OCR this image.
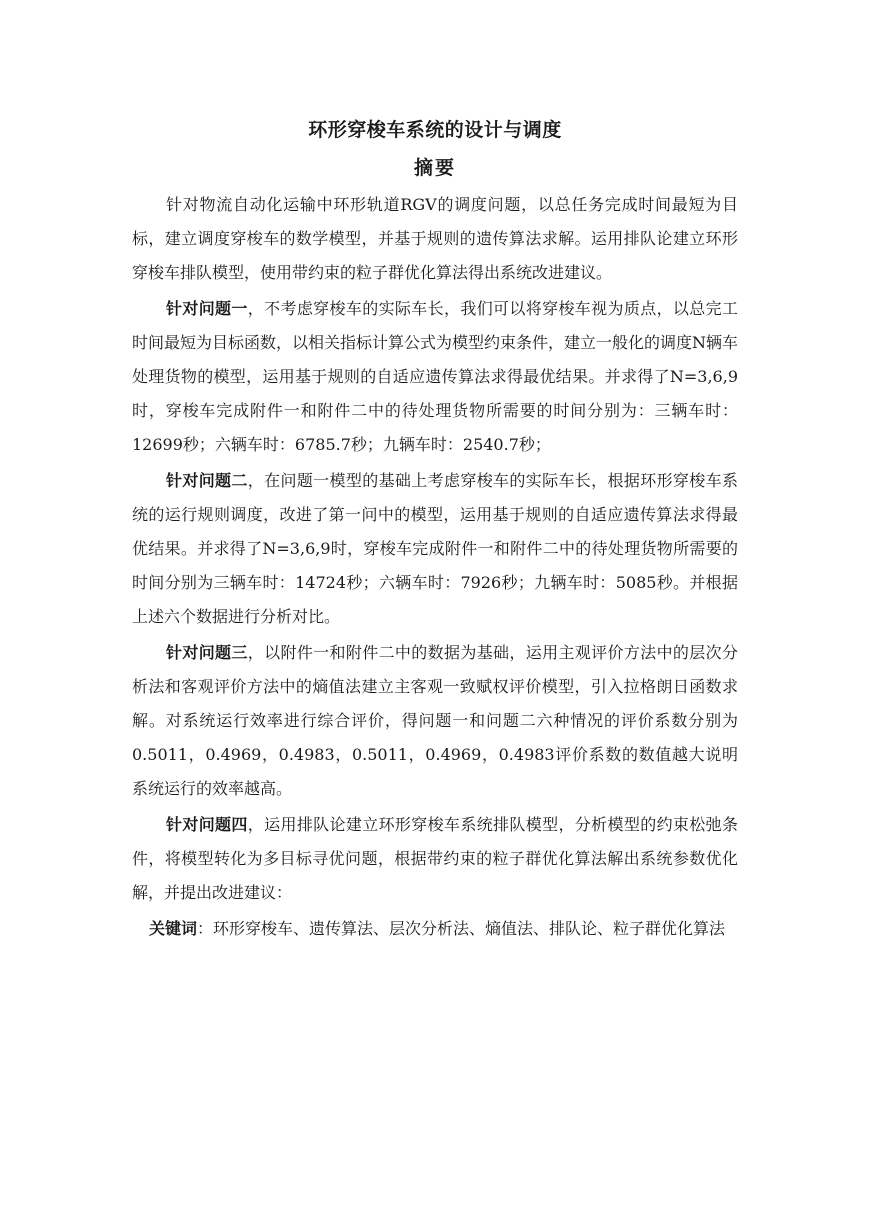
环形穿梭车系统的设计与调度
摘要

针对物流自动化运输中环形轨道RGV的调度问题，以总任务完成时间最短为目标，建立调度穿梭车的数学模型，并基于规则的遗传算法求解。运用排队论建立环形穿梭车排队模型，使用带约束的粒子群优化算法得出系统改进建议。

针对问题一，不考虑穿梭车的实际车长，我们可以将穿梭车视为质点，以总完工时间最短为目标函数，以相关指标计算公式为模型约束条件，建立一般化的调度N辆车处理货物的模型，运用基于规则的自适应遗传算法求得最优结果。并求得了N=3,6,9时，穿梭车完成附件一和附件二中的待处理货物所需要的时间分别为：三辆车时：12699秒；六辆车时：6785.7秒；九辆车时：2540.7秒；

针对问题二，在问题一模型的基础上考虑穿梭车的实际车长，根据环形穿梭车系统的运行规则调度，改进了第一问中的模型，运用基于规则的自适应遗传算法求得最优结果。并求得了N=3,6,9时，穿梭车完成附件一和附件二中的待处理货物所需要的时间分别为三辆车时：14724秒；六辆车时：7926秒；九辆车时：5085秒。并根据上述六个数据进行分析对比。

针对问题三，以附件一和附件二中的数据为基础，运用主观评价方法中的层次分析法和客观评价方法中的熵值法建立主客观一致赋权评价模型，引入拉格朗日函数求解。对系统运行效率进行综合评价，得问题一和问题二六种情况的评价系数分别为0.5011，0.4969，0.4983，0.5011，0.4969，0.4983评价系数的数值越大说明系统运行的效率越高。

针对问题四，运用排队论建立环形穿梭车系统排队模型，分析模型的约束松弛条件，将模型转化为多目标寻优问题，根据带约束的粒子群优化算法解出系统参数优化解，并提出改进建议：

关键词：环形穿梭车、遗传算法、层次分析法、熵值法、排队论、粒子群优化算法
